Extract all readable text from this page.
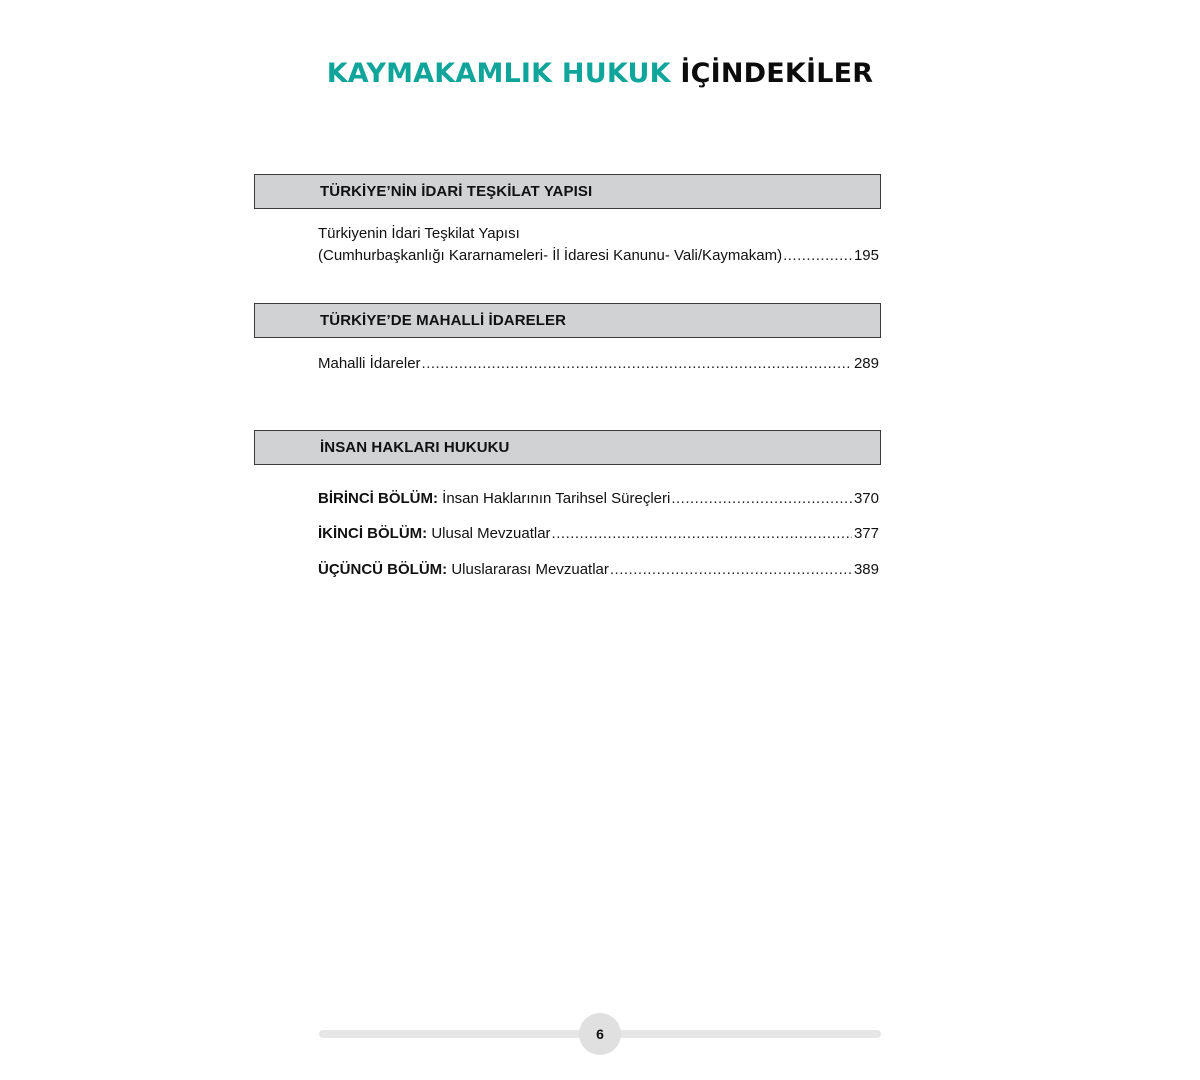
KAYMAKAMLIK HUKUK İÇİNDEKİLER
TÜRKİYE’NİN İDARİ TEŞKİLAT YAPISI
Türkiyenin İdari Teşkilat Yapısı
(Cumhurbaşkanlığı Kararnameleri- İl İdaresi Kanunu- Vali/Kaymakam) .....	195
TÜRKİYE’DE MAHALLİ İDARELER
Mahalli İdareler .....	289
İNSAN HAKLARI HUKUKU
BİRİNCİ BÖLÜM: İnsan Haklarının Tarihsel Süreçleri .....	370
İKİNCİ BÖLÜM: Ulusal Mevzuatlar .....	377
ÜÇÜNCÜ BÖLÜM: Uluslararası Mevzuatlar .....	389
6
